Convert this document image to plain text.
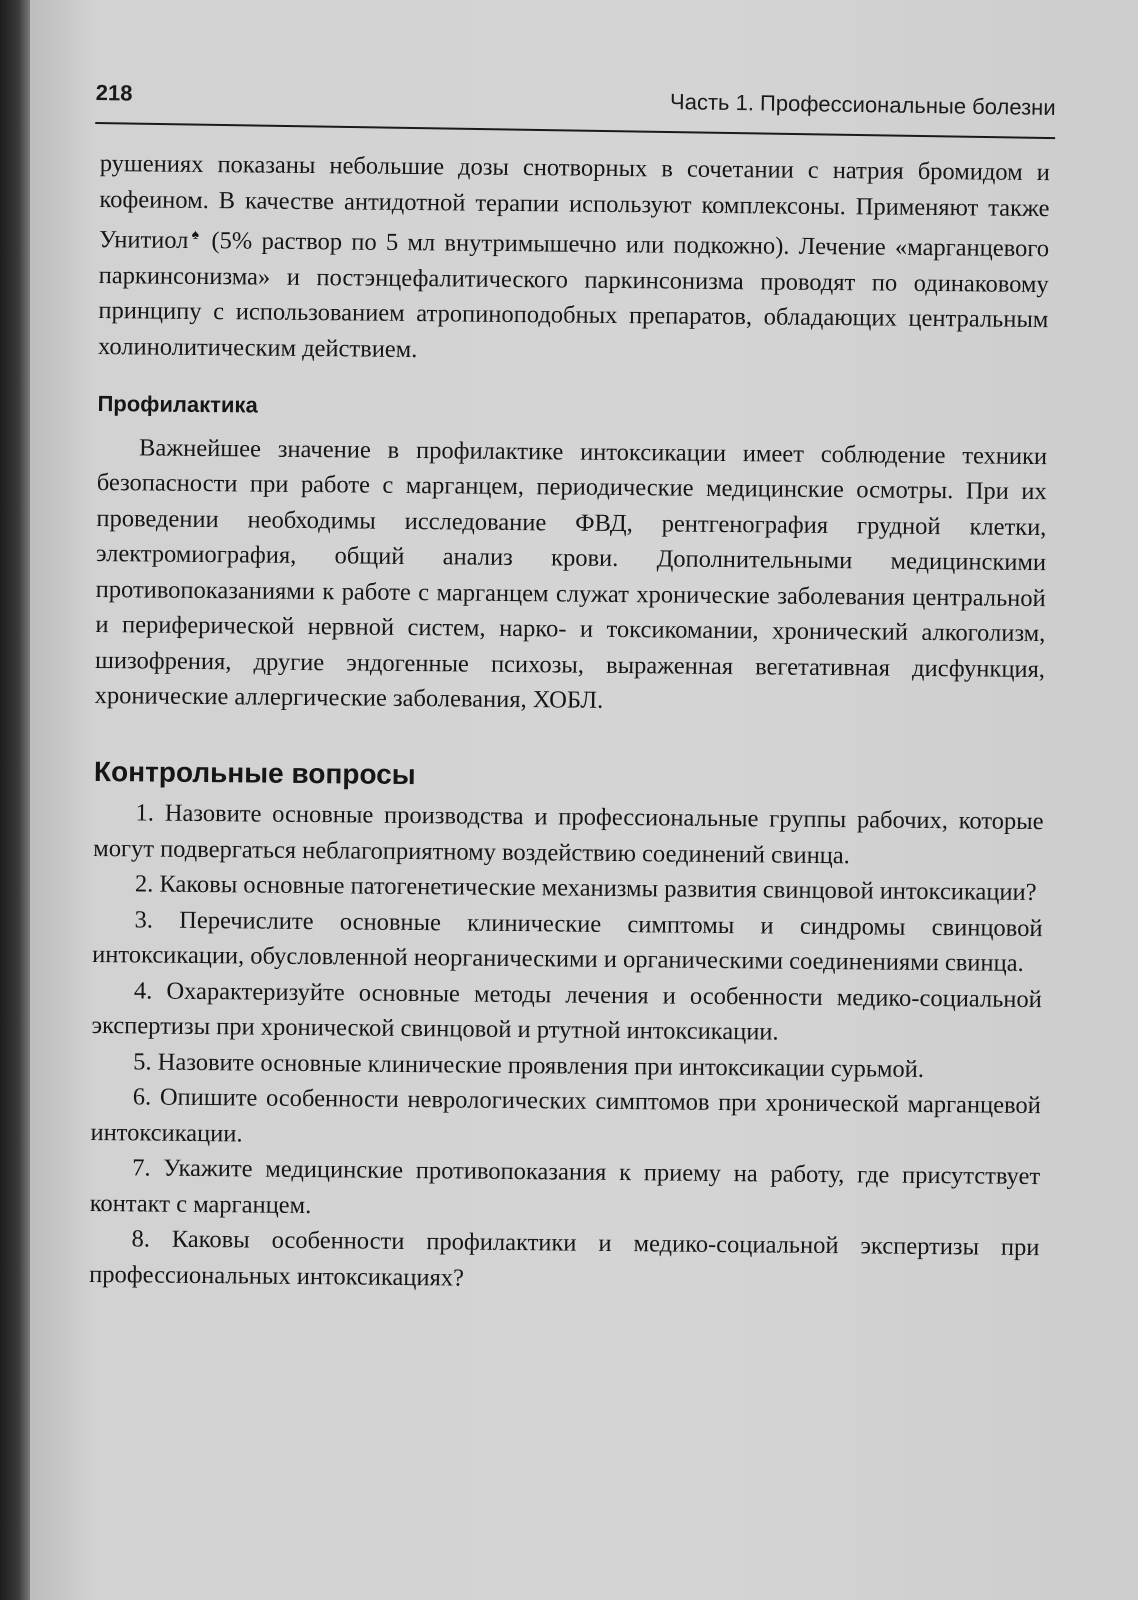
218	Часть 1. Профессиональные болезни

рушениях показаны небольшие дозы снотворных в сочетании с натрия бромидом и кофеином. В качестве антидотной терапии используют комплексоны. Применяют также Унитиол♠ (5% раствор по 5 мл внутримышечно или подкожно). Лечение «марганцевого паркинсонизма» и постэнцефалитического паркинсонизма проводят по одинаковому принципу с использованием атропиноподобных препаратов, обладающих центральным холинолитическим действием.

Профилактика

Важнейшее значение в профилактике интоксикации имеет соблюдение техники безопасности при работе с марганцем, периодические медицинские осмотры. При их проведении необходимы исследование ФВД, рентгенография грудной клетки, электромиография, общий анализ крови. Дополнительными медицинскими противопоказаниями к работе с марганцем служат хронические заболевания центральной и периферической нервной систем, нарко- и токсикомании, хронический алкоголизм, шизофрения, другие эндогенные психозы, выраженная вегетативная дисфункция, хронические аллергические заболевания, ХОБЛ.

Контрольные вопросы

1. Назовите основные производства и профессиональные группы рабочих, которые могут подвергаться неблагоприятному воздействию соединений свинца.

2. Каковы основные патогенетические механизмы развития свинцовой интоксикации?

3. Перечислите основные клинические симптомы и синдромы свинцовой интоксикации, обусловленной неорганическими и органическими соединениями свинца.

4. Охарактеризуйте основные методы лечения и особенности медико-социальной экспертизы при хронической свинцовой и ртутной интоксикации.

5. Назовите основные клинические проявления при интоксикации сурьмой.

6. Опишите особенности неврологических симптомов при хронической марганцевой интоксикации.

7. Укажите медицинские противопоказания к приему на работу, где присутствует контакт с марганцем.

8. Каковы особенности профилактики и медико-социальной экспертизы при профессиональных интоксикациях?
